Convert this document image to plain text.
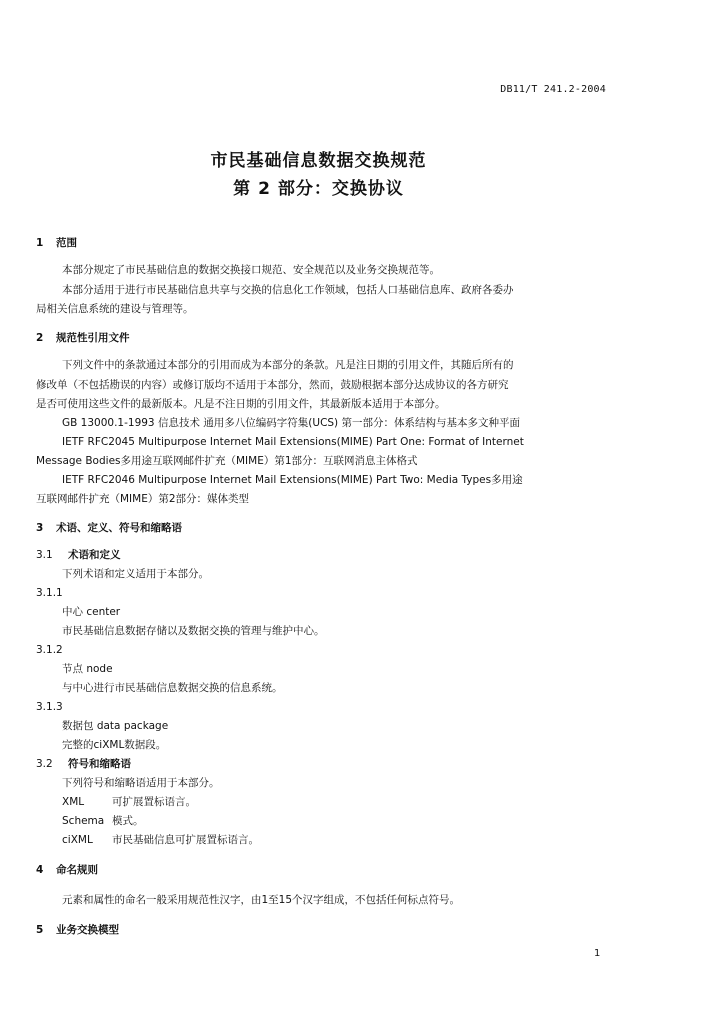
DB11/T 241.2-2004
市民基础信息数据交换规范
第 2 部分：交换协议
1 范围
本部分规定了市民基础信息的数据交换接口规范、安全规范以及业务交换规范等。
本部分适用于进行市民基础信息共享与交换的信息化工作领域，包括人口基础信息库、政府各委办
局相关信息系统的建设与管理等。
2 规范性引用文件
下列文件中的条款通过本部分的引用而成为本部分的条款。凡是注日期的引用文件，其随后所有的
修改单（不包括勘误的内容）或修订版均不适用于本部分，然而，鼓励根据本部分达成协议的各方研究
是否可使用这些文件的最新版本。凡是不注日期的引用文件，其最新版本适用于本部分。
GB 13000.1-1993 信息技术 通用多八位编码字符集(UCS) 第一部分：体系结构与基本多文种平面
IETF RFC2045 Multipurpose Internet Mail Extensions(MIME) Part One: Format of Internet
Message Bodies多用途互联网邮件扩充（MIME）第1部分：互联网消息主体格式
IETF RFC2046 Multipurpose Internet Mail Extensions(MIME) Part Two: Media Types多用途
互联网邮件扩充（MIME）第2部分：媒体类型
3 术语、定义、符号和缩略语
3.1 术语和定义
下列术语和定义适用于本部分。
3.1.1
中心 center
市民基础信息数据存储以及数据交换的管理与维护中心。
3.1.2
节点 node
与中心进行市民基础信息数据交换的信息系统。
3.1.3
数据包 data package
完整的ciXML数据段。
3.2 符号和缩略语
下列符号和缩略语适用于本部分。
XML	可扩展置标语言。
Schema 模式。
ciXML 市民基础信息可扩展置标语言。
4 命名规则
元素和属性的命名一般采用规范性汉字，由1至15个汉字组成，不包括任何标点符号。
5 业务交换模型
1
